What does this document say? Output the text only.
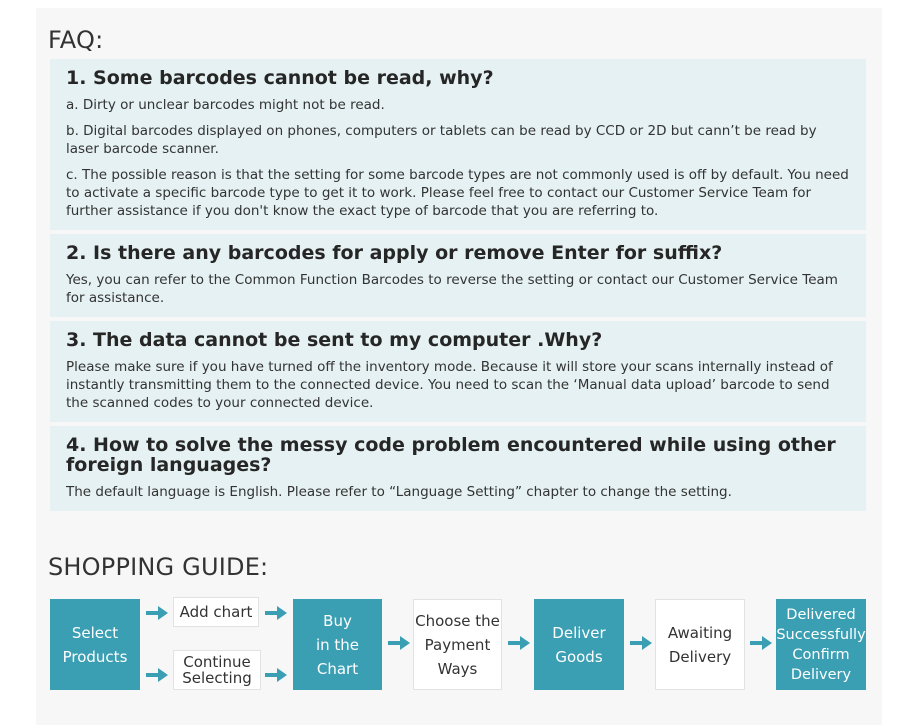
FAQ:
1. Some barcodes cannot be read, why?

a. Dirty or unclear barcodes might not be read.

b. Digital barcodes displayed on phones, computers or tablets can be read by CCD or 2D but cann’t be read by laser barcode scanner.

c. The possible reason is that the setting for some barcode types are not commonly used is off by default. You need to activate a specific barcode type to get it to work. Please feel free to contact our Customer Service Team for further assistance if you don't know the exact type of barcode that you are referring to.

2. Is there any barcodes for apply or remove Enter for suffix?

Yes, you can refer to the Common Function Barcodes to reverse the setting or contact our Customer Service Team for assistance.

3. The data cannot be sent to my computer .Why?

Please make sure if you have turned off the inventory mode. Because it will store your scans internally instead of instantly transmitting them to the connected device. You need to scan the ‘Manual data upload’ barcode to send the scanned codes to your connected device.

4. How to solve the messy code problem encountered while using other foreign languages?

The default language is English. Please refer to “Language Setting” chapter to change the setting.

SHOPPING GUIDE:
Select
Products
Add chart
Continue
Selecting
Buy
in the
Chart
Choose the
Payment
Ways
Deliver
Goods
Awaiting
Delivery
Delivered
Successfully
Confirm
Delivery
